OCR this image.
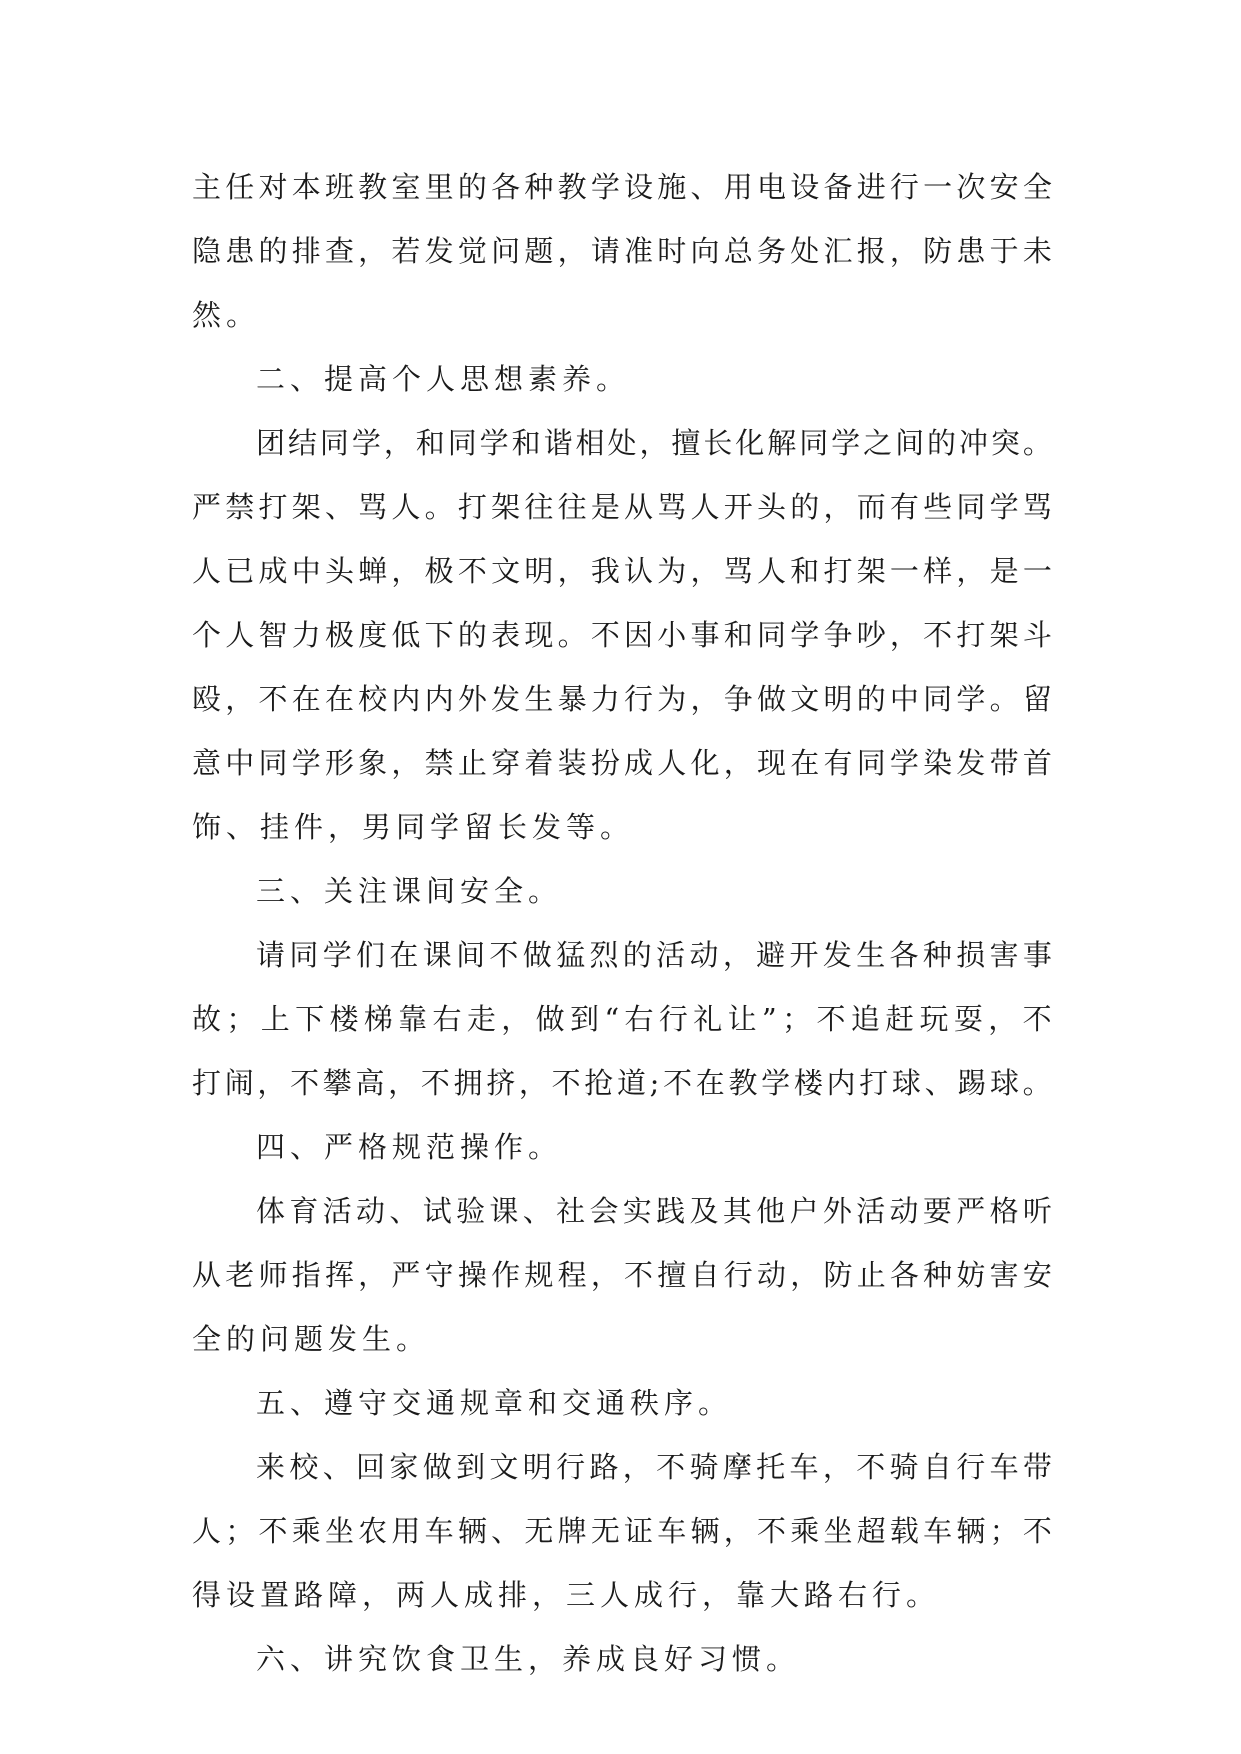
主 任 对 本 班 教 室 里 的 各 种 教 学 设 施 、 用 电 设 备 进 行 一 次 安 全
隐 患 的 排 查 ， 若 发 觉 问 题 ， 请 准 时 向 总 务 处 汇 报 ， 防 患 于 未
然。
二、提高个人思想素养。
团 结 同 学 ， 和 同 学 和 谐 相 处 ， 擅 长 化 解 同 学 之 间 的 冲 突 。
严 禁 打 架 、 骂 人 。 打 架 往 往 是 从 骂 人 开 头 的 ， 而 有 些 同 学 骂
人 已 成 中 头 蝉 ， 极 不 文 明 ， 我 认 为 ， 骂 人 和 打 架 一 样 ， 是 一
个 人 智 力 极 度 低 下 的 表 现 。 不 因 小 事 和 同 学 争 吵 ， 不 打 架 斗
殴 ， 不 在 在 校 内 内 外 发 生 暴 力 行 为 ， 争 做 文 明 的 中 同 学 。 留
意 中 同 学 形 象 ， 禁 止 穿 着 装 扮 成 人 化 ， 现 在 有 同 学 染 发 带 首
饰、挂件，男同学留长发等。
三、关注课间安全。
请 同 学 们 在 课 间 不 做 猛 烈 的 活 动 ， 避 开 发 生 各 种 损 害 事
故 ； 上 下 楼 梯 靠 右 走 ， 做 到 “ 右 行 礼 让 ” ； 不 追 赶 玩 耍 ， 不
打 闹 ， 不 攀 高 ， 不 拥 挤 ， 不 抢 道 ; 不 在 教 学 楼 内 打 球 、 踢 球 。
四、严格规范操作。
体 育 活 动 、 试 验 课 、 社 会 实 践 及 其 他 户 外 活 动 要 严 格 听
从 老 师 指 挥 ， 严 守 操 作 规 程 ， 不 擅 自 行 动 ， 防 止 各 种 妨 害 安
全的问题发生。
五、遵守交通规章和交通秩序。
来 校 、 回 家 做 到 文 明 行 路 ， 不 骑 摩 托 车 ， 不 骑 自 行 车 带
人 ； 不 乘 坐 农 用 车 辆 、 无 牌 无 证 车 辆 ， 不 乘 坐 超 载 车 辆 ； 不
得设置路障，两人成排，三人成行，靠大路右行。
六、讲究饮食卫生，养成良好习惯。
